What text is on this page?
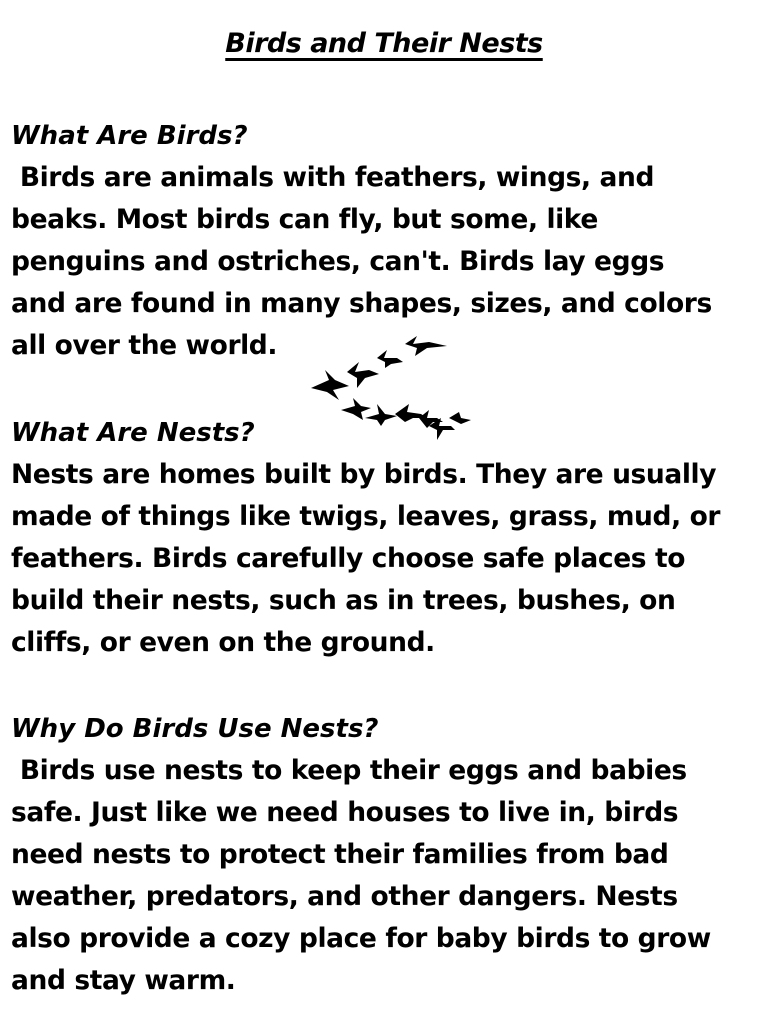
Birds and Their Nests

What Are Birds?

Birds are animals with feathers, wings, and

beaks. Most birds can fly, but some, like

penguins and ostriches, can't. Birds lay eggs

and are found in many shapes, sizes, and colors

all over the world.

What Are Nests?

Nests are homes built by birds. They are usually

made of things like twigs, leaves, grass, mud, or

feathers. Birds carefully choose safe places to

build their nests, such as in trees, bushes, on

cliffs, or even on the ground.

Why Do Birds Use Nests?

Birds use nests to keep their eggs and babies

safe. Just like we need houses to live in, birds

need nests to protect their families from bad

weather, predators, and other dangers. Nests

also provide a cozy place for baby birds to grow

and stay warm.
